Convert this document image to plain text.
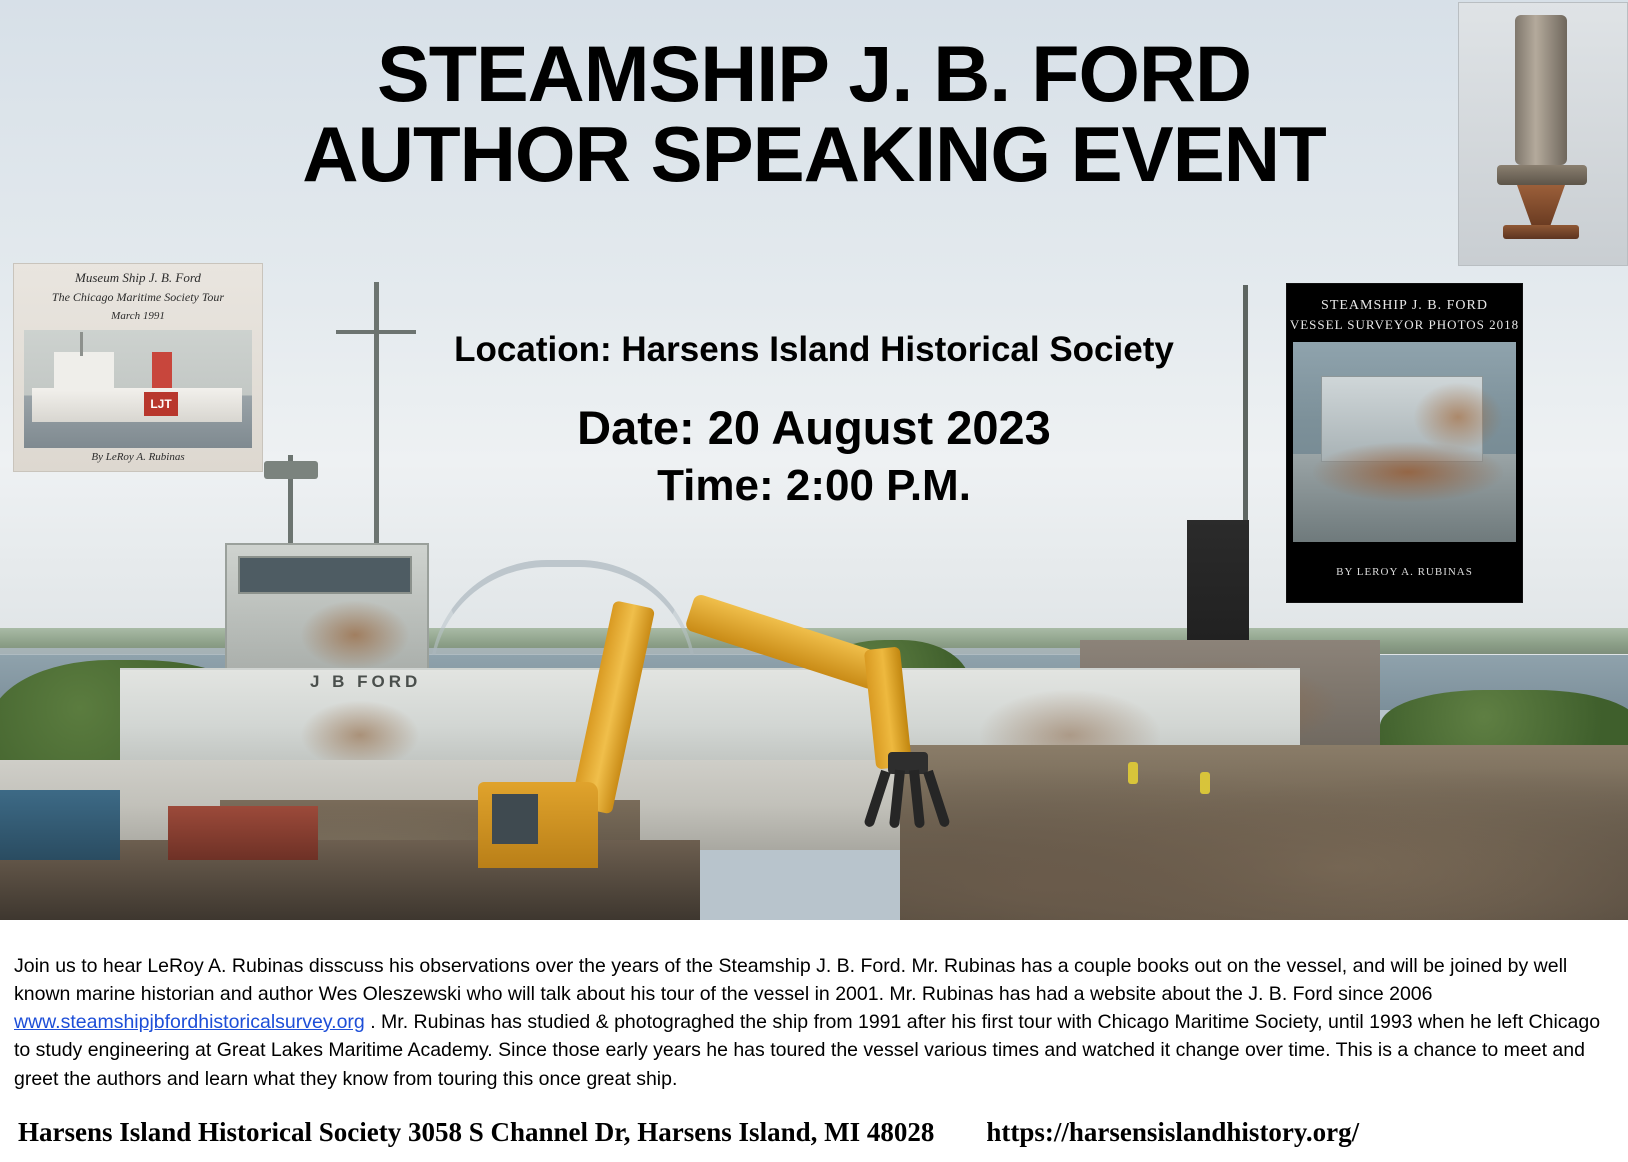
J B FORD
STEAMSHIP J. B. FORD
AUTHOR SPEAKING EVENT
Location: Harsens Island Historical Society
Date: 20 August 2023
Time: 2:00 P.M.
Museum Ship J. B. Ford
The Chicago Maritime Society Tour
March 1991
LJT
By LeRoy A. Rubinas
STEAMSHIP J. B. FORD
VESSEL SURVEYOR PHOTOS 2018
BY LEROY A. RUBINAS

Join us to hear LeRoy A. Rubinas disscuss his observations over the years of the Steamship J. B. Ford. Mr. Rubinas has a couple books out on the vessel, and will be joined by well known marine historian and author Wes Oleszewski who will talk about his tour of the vessel in 2001. Mr. Rubinas has had a website about the J. B. Ford since 2006 www.steamshipjbfordhistoricalsurvey.org . Mr. Rubinas has studied & photograghed the ship from 1991 after his first tour with Chicago Maritime Society, until 1993 when he left Chicago to study engineering at Great Lakes Maritime Academy. Since those early years he has toured the vessel various times and watched it change over time. This is a chance to meet and greet the authors and learn what they know from touring this once great ship.

Harsens Island Historical Society 3058 S Channel Dr, Harsens Island, MI 48028 https://harsensislandhistory.org/
